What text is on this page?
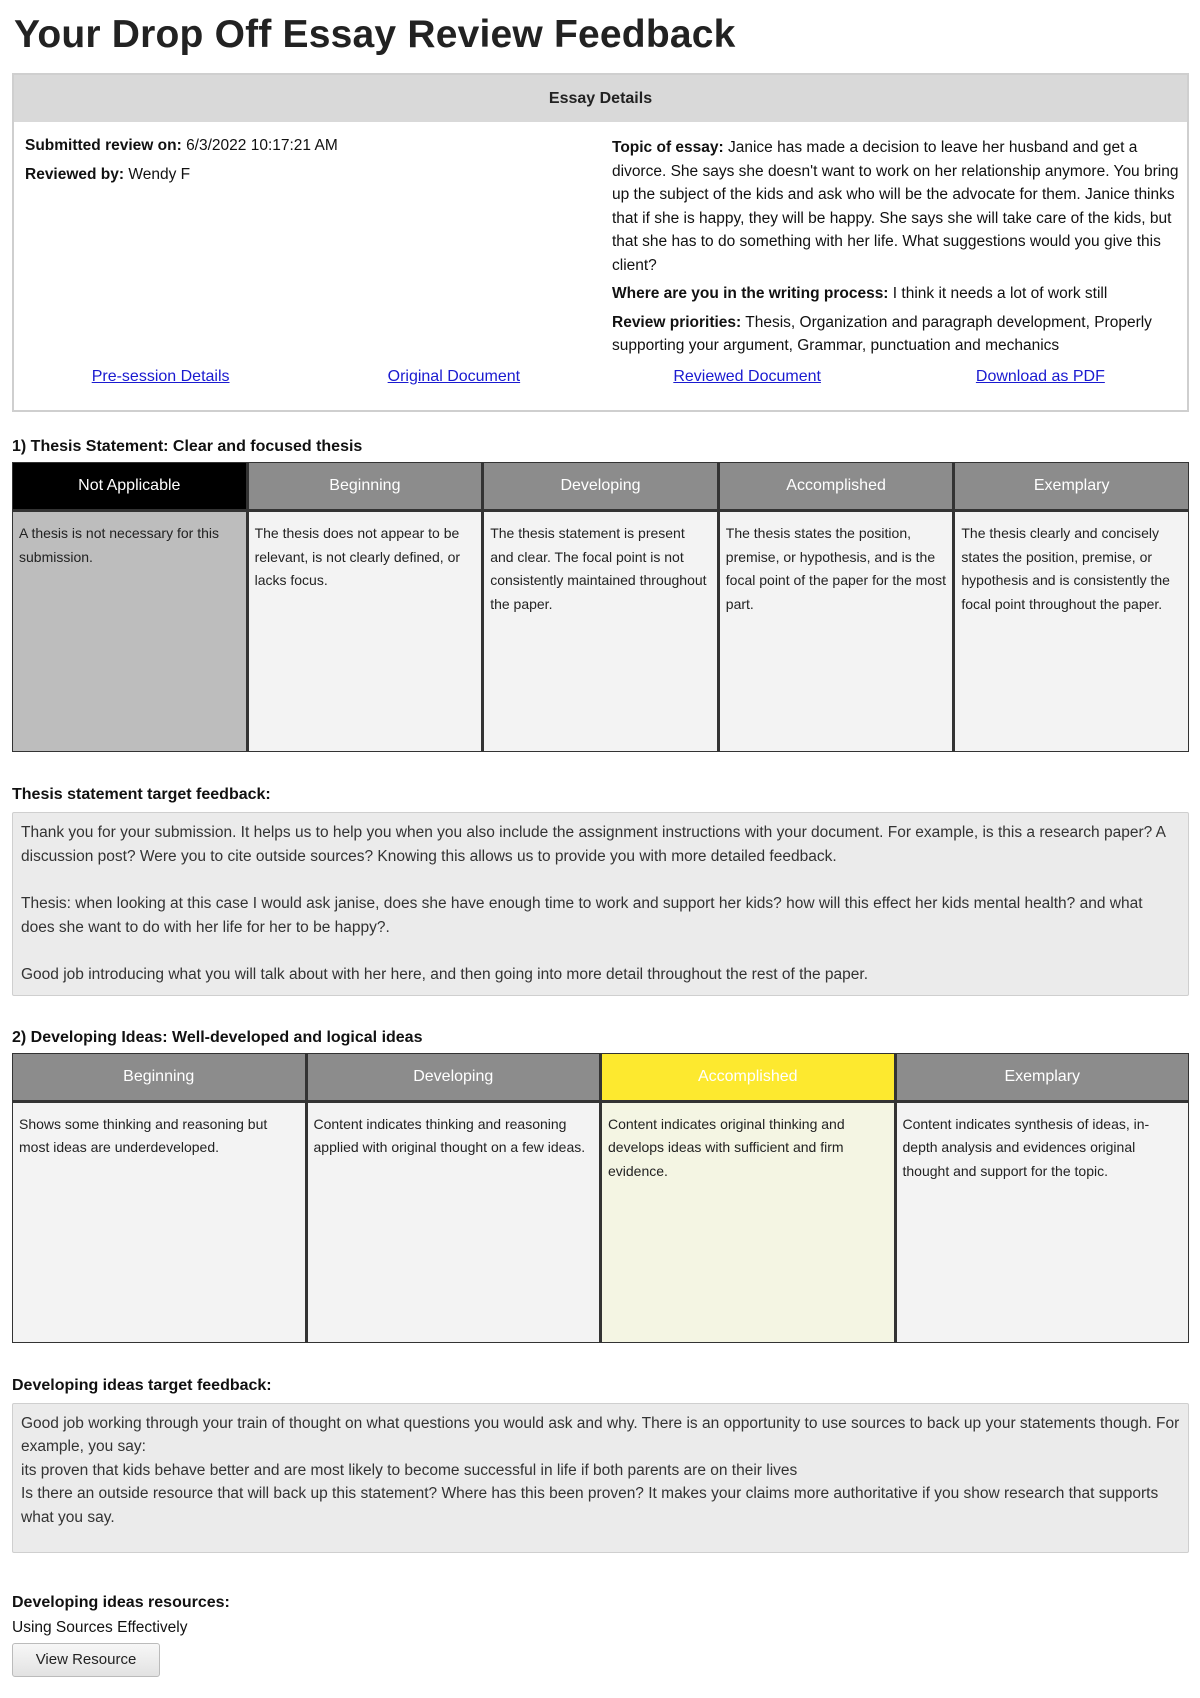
Your Drop Off Essay Review Feedback
Essay Details

Submitted review on: 6/3/2022 10:17:21 AM

Reviewed by: Wendy F

Topic of essay: Janice has made a decision to leave her husband and get a divorce. She says she doesn't want to work on her relationship anymore. You bring up the subject of the kids and ask who will be the advocate for them. Janice thinks that if she is happy, they will be happy. She says she will take care of the kids, but that she has to do something with her life. What suggestions would you give this client?

Where are you in the writing process: I think it needs a lot of work still

Review priorities: Thesis, Organization and paragraph development, Properly supporting your argument, Grammar, punctuation and mechanics

Pre-session Details	Original Document	Reviewed Document	Download as PDF

1) Thesis Statement: Clear and focused thesis

Not Applicable
A thesis is not necessary for this submission.
Beginning
The thesis does not appear to be relevant, is not clearly defined, or lacks focus.
Developing
The thesis statement is present and clear. The focal point is not consistently maintained throughout the paper.
Accomplished
The thesis states the position, premise, or hypothesis, and is the focal point of the paper for the most part.
Exemplary
The thesis clearly and concisely states the position, premise, or hypothesis and is consistently the focal point throughout the paper.

Thesis statement target feedback:

Thank you for your submission. It helps us to help you when you also include the assignment instructions with your document. For example, is this a research paper? A discussion post? Were you to cite outside sources? Knowing this allows us to provide you with more detailed feedback.

Thesis: when looking at this case I would ask janise, does she have enough time to work and support her kids? how will this effect her kids mental health? and what does she want to do with her life for her to be happy?.

Good job introducing what you will talk about with her here, and then going into more detail throughout the rest of the paper.

2) Developing Ideas: Well-developed and logical ideas

Beginning
Shows some thinking and reasoning but most ideas are underdeveloped.
Developing
Content indicates thinking and reasoning applied with original thought on a few ideas.
Accomplished
Content indicates original thinking and develops ideas with sufficient and firm evidence.
Exemplary
Content indicates synthesis of ideas, in-depth analysis and evidences original thought and support for the topic.

Developing ideas target feedback:

Good job working through your train of thought on what questions you would ask and why. There is an opportunity to use sources to back up your statements though. For example, you say:

its proven that kids behave better and are most likely to become successful in life if both parents are on their lives

Is there an outside resource that will back up this statement? Where has this been proven? It makes your claims more authoritative if you show research that supports what you say.

Developing ideas resources:

Using Sources Effectively
View Resource
